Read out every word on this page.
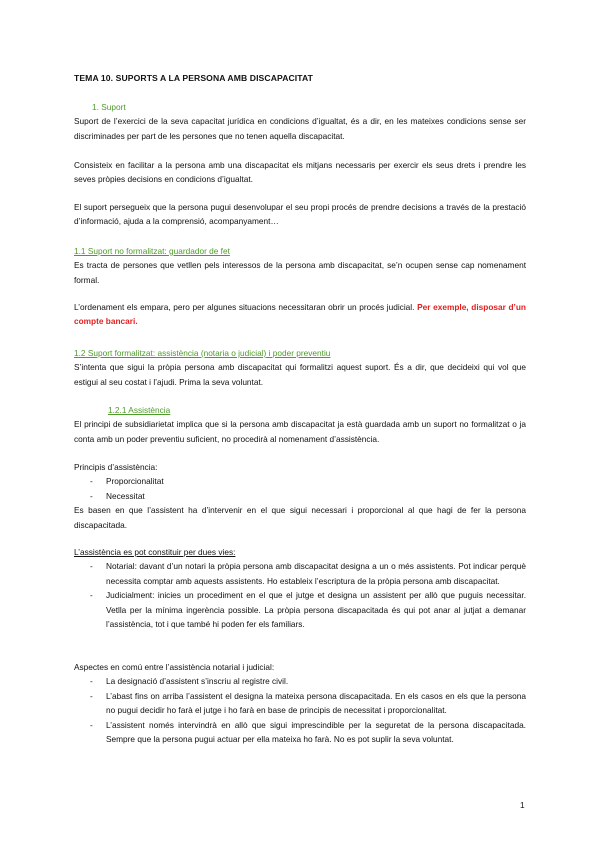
TEMA 10. SUPORTS A LA PERSONA AMB DISCAPACITAT

1. Suport

Suport de l’exercici de la seva capacitat jurídica en condicions d’igualtat, és a dir, en les mateixes condicions sense ser discriminades per part de les persones que no tenen aquella discapacitat.

Consisteix en facilitar a la persona amb una discapacitat els mitjans necessaris per exercir els seus drets i prendre les seves pròpies decisions en condicions d’igualtat.

El suport persegueix que la persona pugui desenvolupar el seu propi procés de prendre decisions a través de la prestació d’informació, ajuda a la comprensió, acompanyament…

1.1 Suport no formalitzat: guardador de fet

Es tracta de persones que vetllen pels interessos de la persona amb discapacitat, se’n ocupen sense cap nomenament formal.

L’ordenament els empara, pero per algunes situacions necessitaran obrir un procés judicial. Per exemple, disposar d’un compte bancari.

1.2 Suport formalitzat: assistència (notaria o judicial) i poder preventiu

S’intenta que sigui la pròpia persona amb discapacitat qui formalitzi aquest suport. És a dir, que decideixi qui vol que estigui al seu costat i l’ajudi. Prima la seva voluntat.

1.2.1 Assistència

El principi de subsidiarietat implica que si la persona amb discapacitat ja està guardada amb un suport no formalitzat o ja conta amb un poder preventiu suficient, no procedirà al nomenament d’assistència.

Principis d’assistència:

- Proporcionalitat
- Necessitat

Es basen en que l’assistent ha d’intervenir en el que sigui necessari i proporcional al que hagi de fer la persona discapacitada.

L’assistència es pot constituir per dues vies:

- Notarial: davant d’un notari la pròpia persona amb discapacitat designa a un o més assistents. Pot indicar perquè necessita comptar amb aquests assistents. Ho estableix l’escriptura de la pròpia persona amb discapacitat.
- Judicialment: inicies un procediment en el que el jutge et designa un assistent per allò que puguis necessitar. Vetlla per la mínima ingerència possible. La pròpia persona discapacitada és qui pot anar al jutjat a demanar l’assistència, tot i que també hi poden fer els familiars.

Aspectes en comú entre l’assistència notarial i judicial:

- La designació d’assistent s’inscriu al registre civil.
- L’abast fins on arriba l’assistent el designa la mateixa persona discapacitada. En els casos en els que la persona no pugui decidir ho farà el jutge i ho farà en base de principis de necessitat i proporcionalitat.
- L’assistent només intervindrà en allò que sigui imprescindible per la seguretat de la persona discapacitada. Sempre que la persona pugui actuar per ella mateixa ho farà. No es pot suplir la seva voluntat.
1
